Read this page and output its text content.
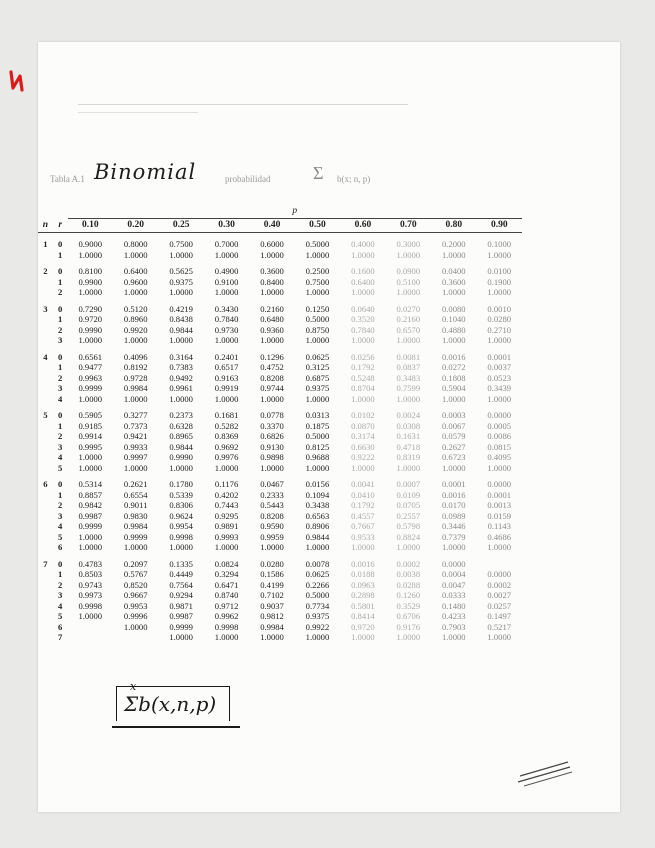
Tabla A.1 Binomial	probabilidad Σ b(x; n, p)
		p									
n	r	0.10	0.20	0.25	0.30	0.40	0.50	0.60	0.70	0.80	0.90
1	0	0.9000	0.8000	0.7500	0.7000	0.6000	0.5000	0.4000	0.3000	0.2000	0.1000
	1	1.0000	1.0000	1.0000	1.0000	1.0000	1.0000	1.0000	1.0000	1.0000	1.0000
2	0	0.8100	0.6400	0.5625	0.4900	0.3600	0.2500	0.1600	0.0900	0.0400	0.0100
	1	0.9900	0.9600	0.9375	0.9100	0.8400	0.7500	0.6400	0.5100	0.3600	0.1900
	2	1.0000	1.0000	1.0000	1.0000	1.0000	1.0000	1.0000	1.0000	1.0000	1.0000
3	0	0.7290	0.5120	0.4219	0.3430	0.2160	0.1250	0.0640	0.0270	0.0080	0.0010
	1	0.9720	0.8960	0.8438	0.7840	0.6480	0.5000	0.3520	0.2160	0.1040	0.0280
	2	0.9990	0.9920	0.9844	0.9730	0.9360	0.8750	0.7840	0.6570	0.4880	0.2710
	3	1.0000	1.0000	1.0000	1.0000	1.0000	1.0000	1.0000	1.0000	1.0000	1.0000
4	0	0.6561	0.4096	0.3164	0.2401	0.1296	0.0625	0.0256	0.0081	0.0016	0.0001
	1	0.9477	0.8192	0.7383	0.6517	0.4752	0.3125	0.1792	0.0837	0.0272	0.0037
	2	0.9963	0.9728	0.9492	0.9163	0.8208	0.6875	0.5248	0.3483	0.1808	0.0523
	3	0.9999	0.9984	0.9961	0.9919	0.9744	0.9375	0.8704	0.7599	0.5904	0.3439
	4	1.0000	1.0000	1.0000	1.0000	1.0000	1.0000	1.0000	1.0000	1.0000	1.0000
5	0	0.5905	0.3277	0.2373	0.1681	0.0778	0.0313	0.0102	0.0024	0.0003	0.0000
	1	0.9185	0.7373	0.6328	0.5282	0.3370	0.1875	0.0870	0.0308	0.0067	0.0005
	2	0.9914	0.9421	0.8965	0.8369	0.6826	0.5000	0.3174	0.1631	0.0579	0.0086
	3	0.9995	0.9933	0.9844	0.9692	0.9130	0.8125	0.6630	0.4718	0.2627	0.0815
	4	1.0000	0.9997	0.9990	0.9976	0.9898	0.9688	0.9222	0.8319	0.6723	0.4095
	5	1.0000	1.0000	1.0000	1.0000	1.0000	1.0000	1.0000	1.0000	1.0000	1.0000
6	0	0.5314	0.2621	0.1780	0.1176	0.0467	0.0156	0.0041	0.0007	0.0001	0.0000
	1	0.8857	0.6554	0.5339	0.4202	0.2333	0.1094	0.0410	0.0109	0.0016	0.0001
	2	0.9842	0.9011	0.8306	0.7443	0.5443	0.3438	0.1792	0.0705	0.0170	0.0013
	3	0.9987	0.9830	0.9624	0.9295	0.8208	0.6563	0.4557	0.2557	0.0989	0.0159
	4	0.9999	0.9984	0.9954	0.9891	0.9590	0.8906	0.7667	0.5798	0.3446	0.1143
	5	1.0000	0.9999	0.9998	0.9993	0.9959	0.9844	0.9533	0.8824	0.7379	0.4686
	6	1.0000	1.0000	1.0000	1.0000	1.0000	1.0000	1.0000	1.0000	1.0000	1.0000
7	0	0.4783	0.2097	0.1335	0.0824	0.0280	0.0078	0.0016	0.0002	0.0000	
	1	0.8503	0.5767	0.4449	0.3294	0.1586	0.0625	0.0188	0.0038	0.0004	0.0000
	2	0.9743	0.8520	0.7564	0.6471	0.4199	0.2266	0.0963	0.0288	0.0047	0.0002
	3	0.9973	0.9667	0.9294	0.8740	0.7102	0.5000	0.2898	0.1260	0.0333	0.0027
	4	0.9998	0.9953	0.9871	0.9712	0.9037	0.7734	0.5801	0.3529	0.1480	0.0257
	5	1.0000	0.9996	0.9987	0.9962	0.9812	0.9375	0.8414	0.6706	0.4233	0.1497
	6		1.0000	0.9999	0.9998	0.9984	0.9922	0.9720	0.9176	0.7903	0.5217
	7			1.0000	1.0000	1.0000	1.0000	1.0000	1.0000	1.0000	1.0000
x
Σb(x,n,p)
